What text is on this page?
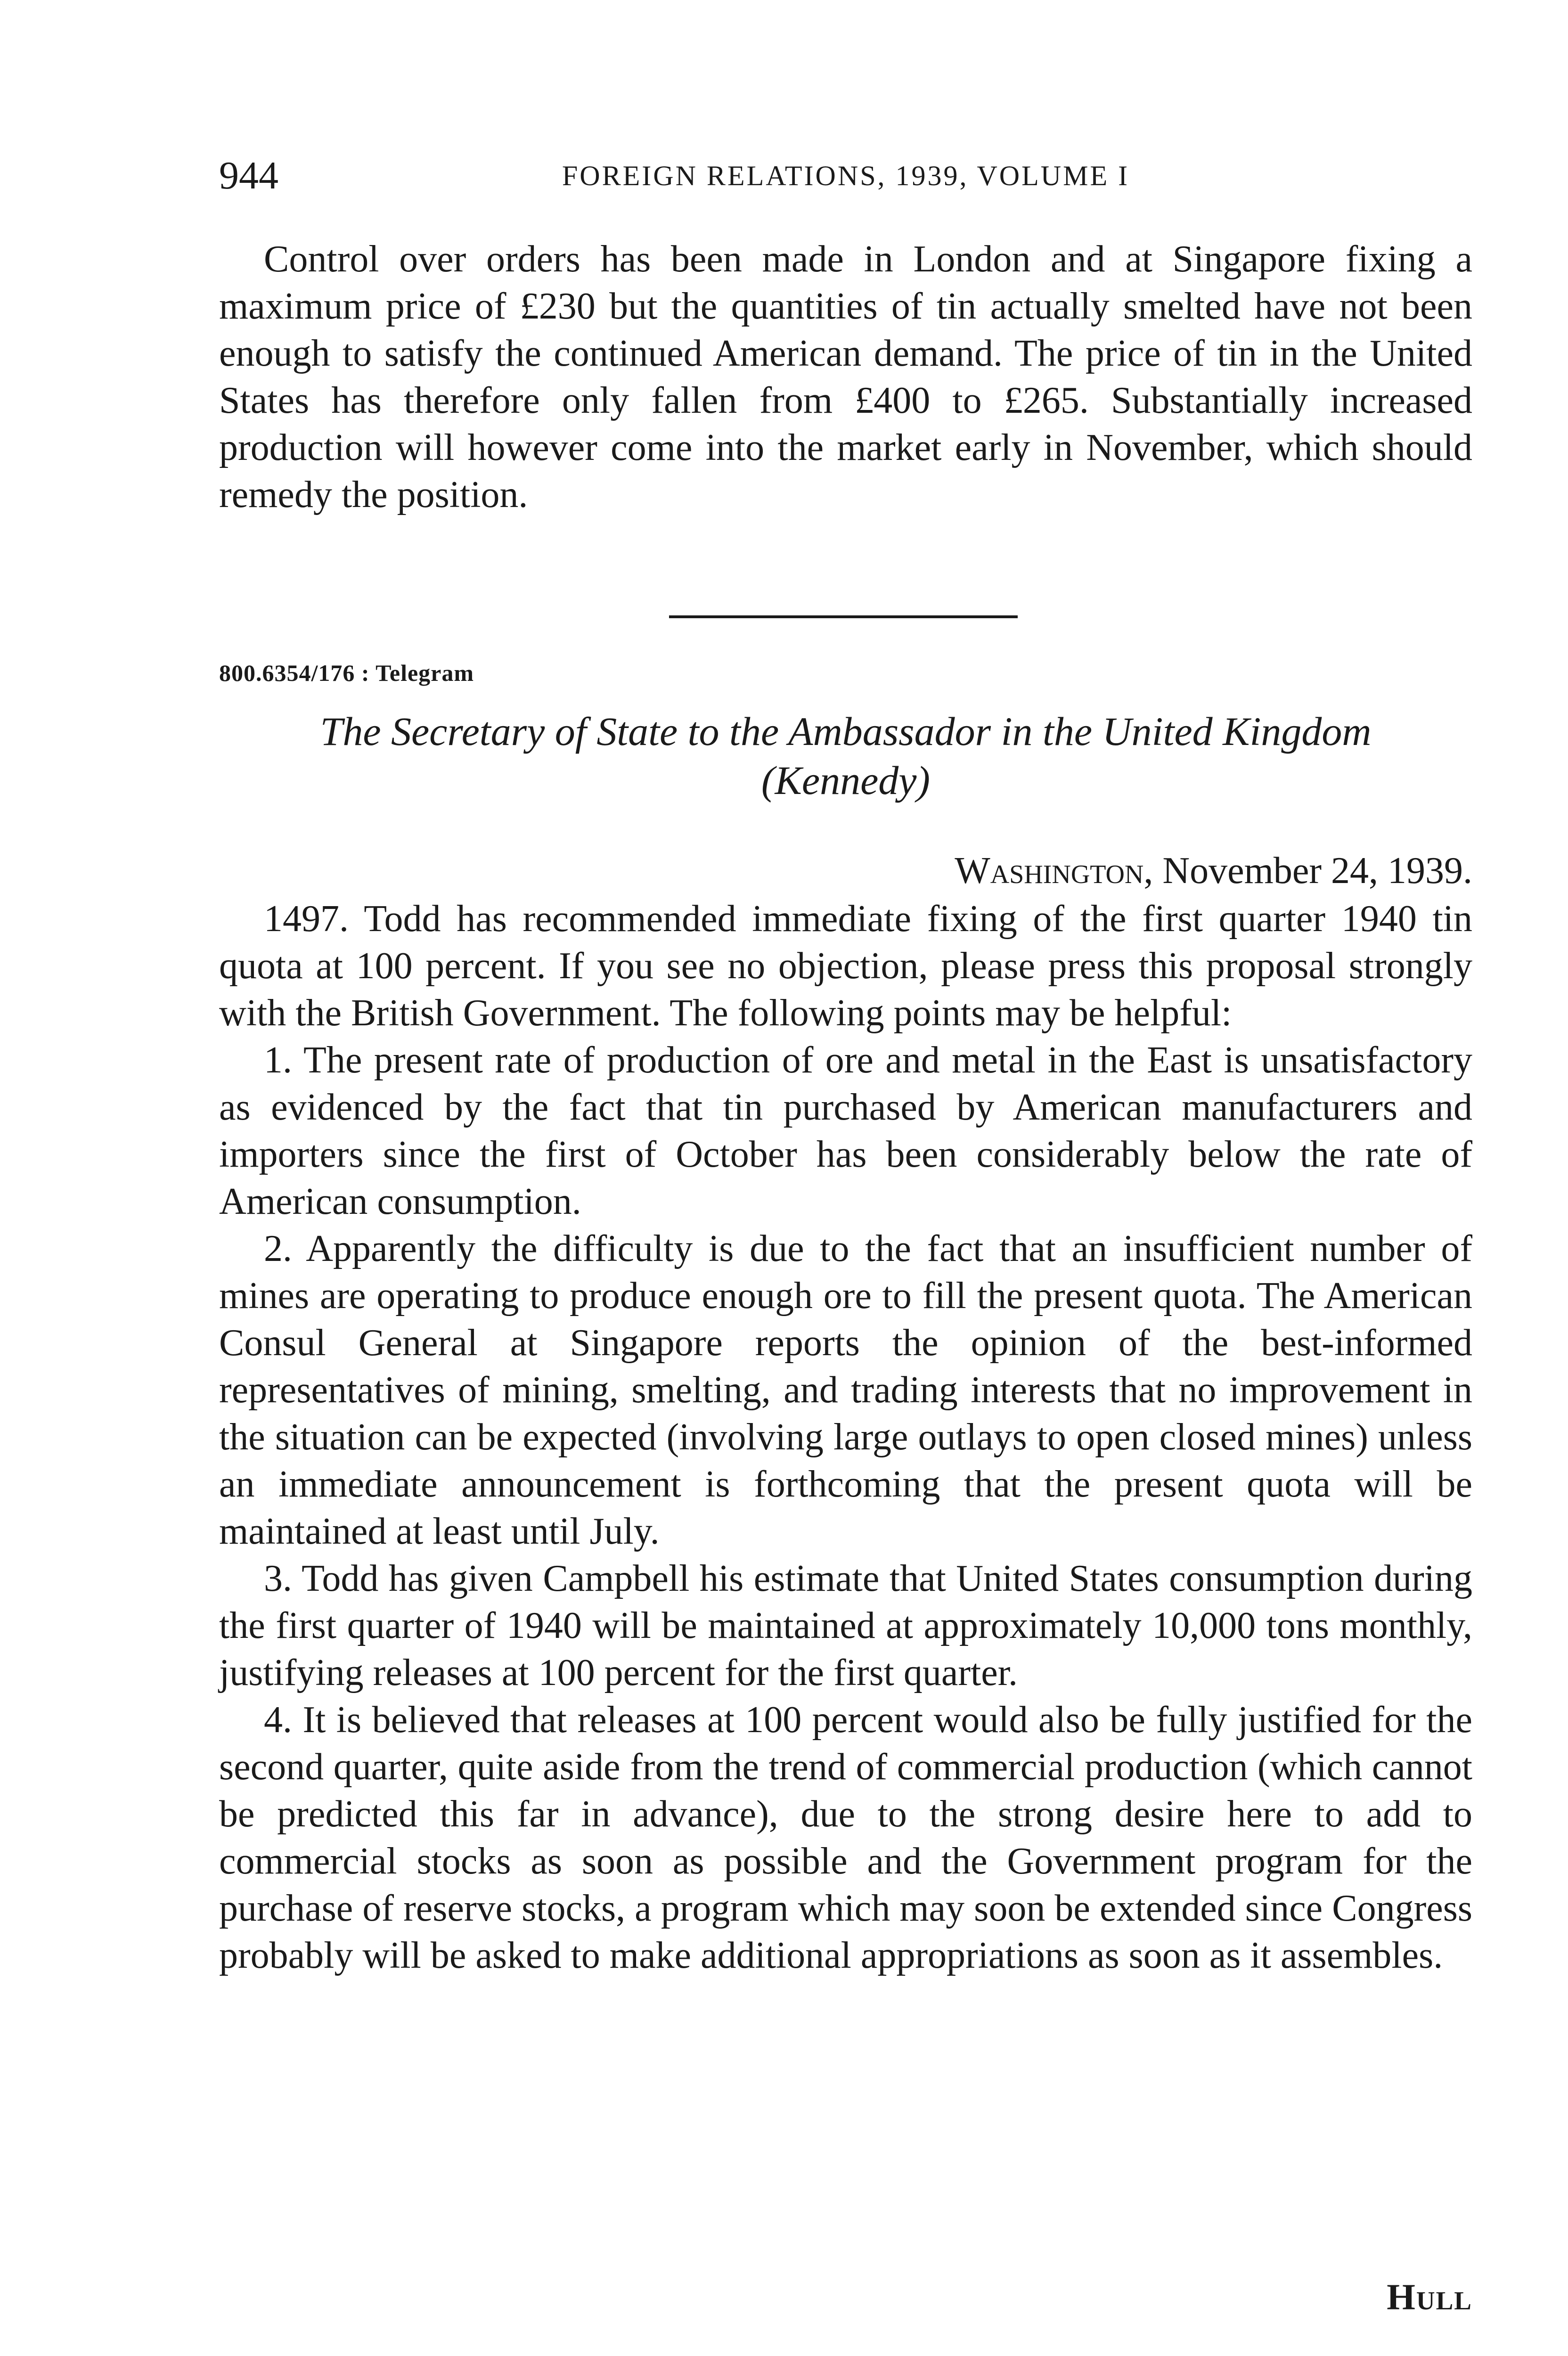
944	FOREIGN RELATIONS, 1939, VOLUME I

Control over orders has been made in London and at Singapore fixing a maximum price of £230 but the quantities of tin actually smelted have not been enough to satisfy the continued American demand. The price of tin in the United States has therefore only fallen from £400 to £265. Substantially increased production will however come into the market early in November, which should remedy the position.

800.6354/176 : Telegram
The Secretary of State to the Ambassador in the United Kingdom
(Kennedy)
Washington, November 24, 1939.

1497. Todd has recommended immediate fixing of the first quarter 1940 tin quota at 100 percent. If you see no objection, please press this proposal strongly with the British Government. The following points may be helpful:

1. The present rate of production of ore and metal in the East is unsatisfactory as evidenced by the fact that tin purchased by American manufacturers and importers since the first of October has been considerably below the rate of American consumption.

2. Apparently the difficulty is due to the fact that an insufficient number of mines are operating to produce enough ore to fill the present quota. The American Consul General at Singapore reports the opinion of the best-informed representatives of mining, smelting, and trading interests that no improvement in the situation can be expected (involving large outlays to open closed mines) unless an immediate announcement is forthcoming that the present quota will be maintained at least until July.

3. Todd has given Campbell his estimate that United States consumption during the first quarter of 1940 will be maintained at approximately 10,000 tons monthly, justifying releases at 100 percent for the first quarter.

4. It is believed that releases at 100 percent would also be fully justified for the second quarter, quite aside from the trend of commercial production (which cannot be predicted this far in advance), due to the strong desire here to add to commercial stocks as soon as possible and the Government program for the purchase of reserve stocks, a program which may soon be extended since Congress probably will be asked to make additional appropriations as soon as it assembles.

Hull
